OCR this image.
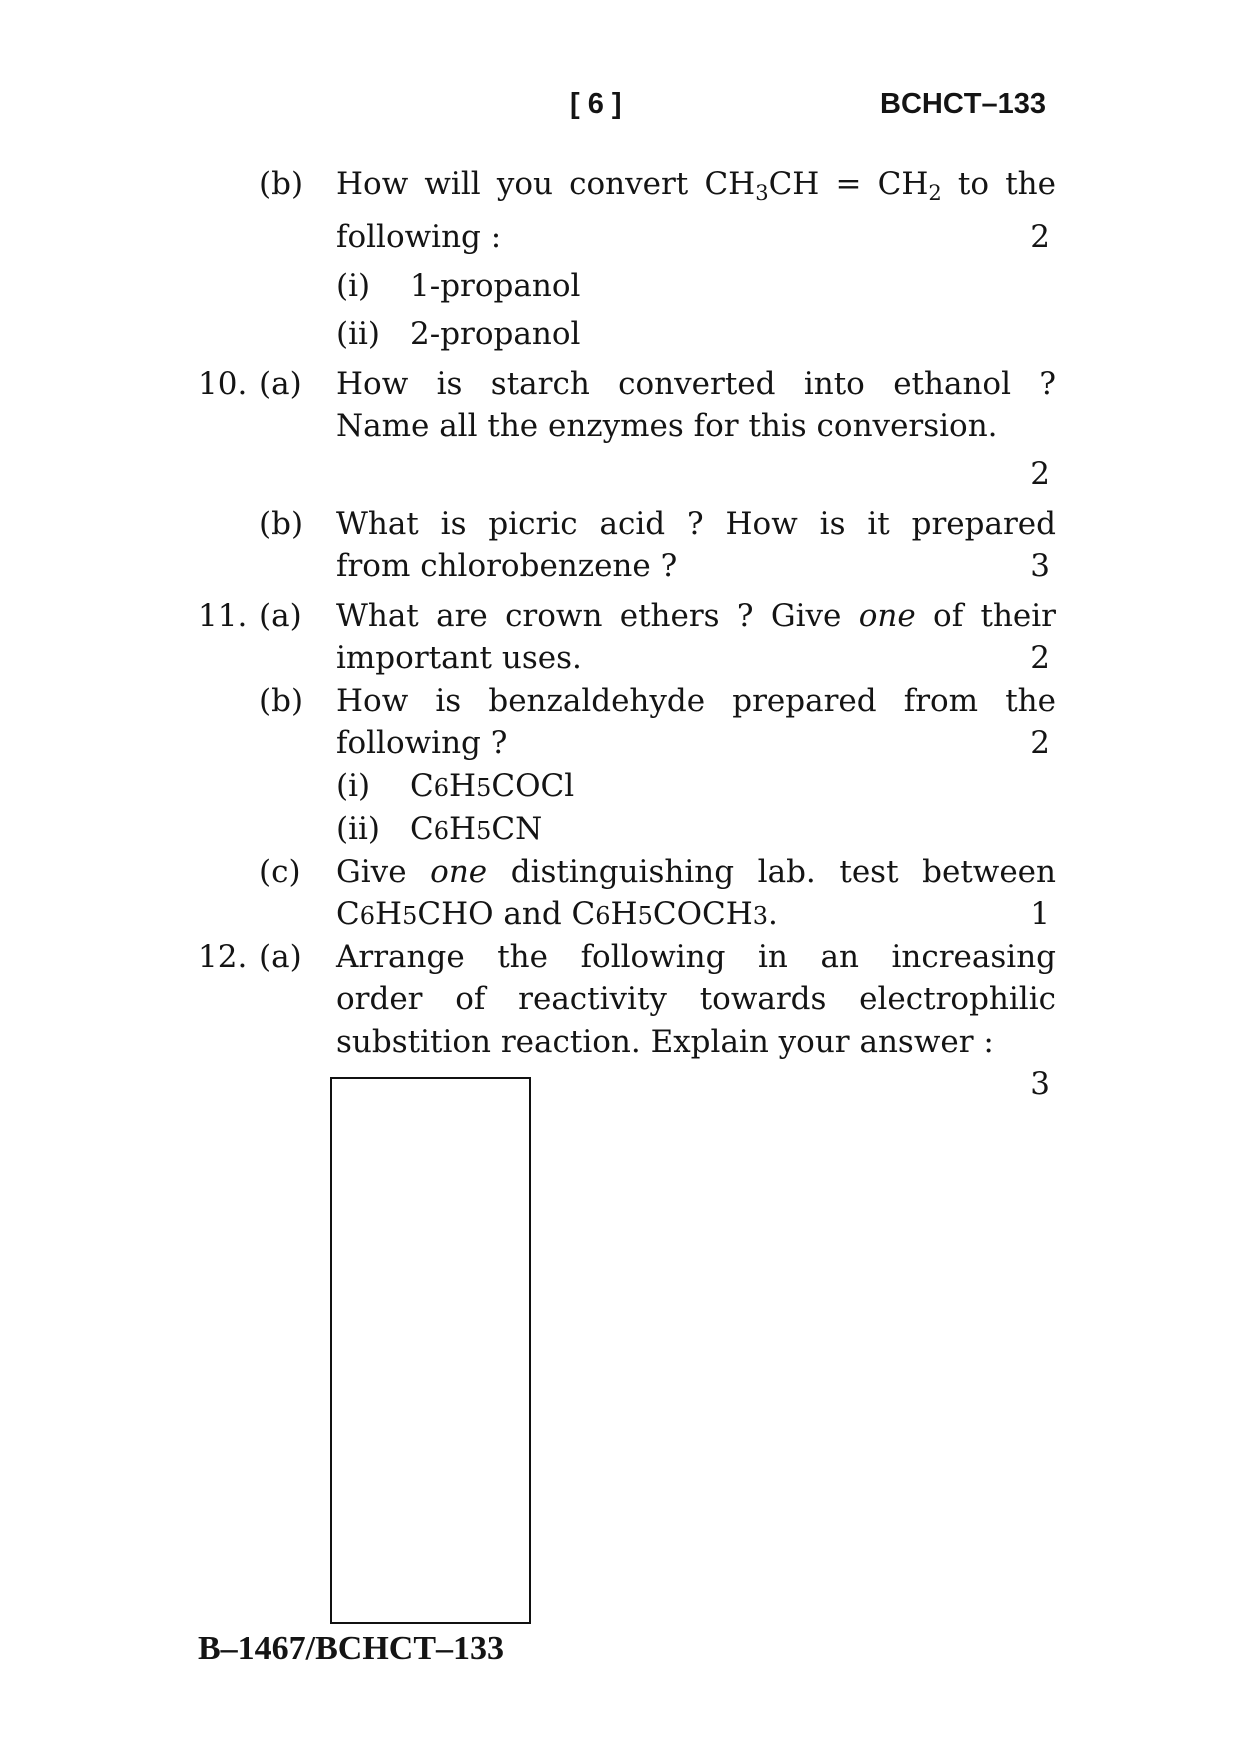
[ 6 ]	BCHCT–133
(b) How will you convert $CH_3CH = CH_2$ to the
following :	2
(i) 1-propanol
(ii) 2-propanol
10. (a) How is starch converted into ethanol ?
Name all the enzymes for this conversion.
2
(b) What is picric acid ? How is it prepared
from chlorobenzene ?	3
11. (a) What are crown ethers ? Give one of their
important uses.	2
(b) How is benzaldehyde prepared from the
following ?	2
(i) C6H5COCl
(ii) C6H5CN
(c) Give one distinguishing lab. test between
C6H5CHO and C6H5COCH3.	1
12. (a) Arrange the following in an increasing
order of reactivity towards electrophilic
substition reaction. Explain your answer :
3
B–1467/BCHCT–133
